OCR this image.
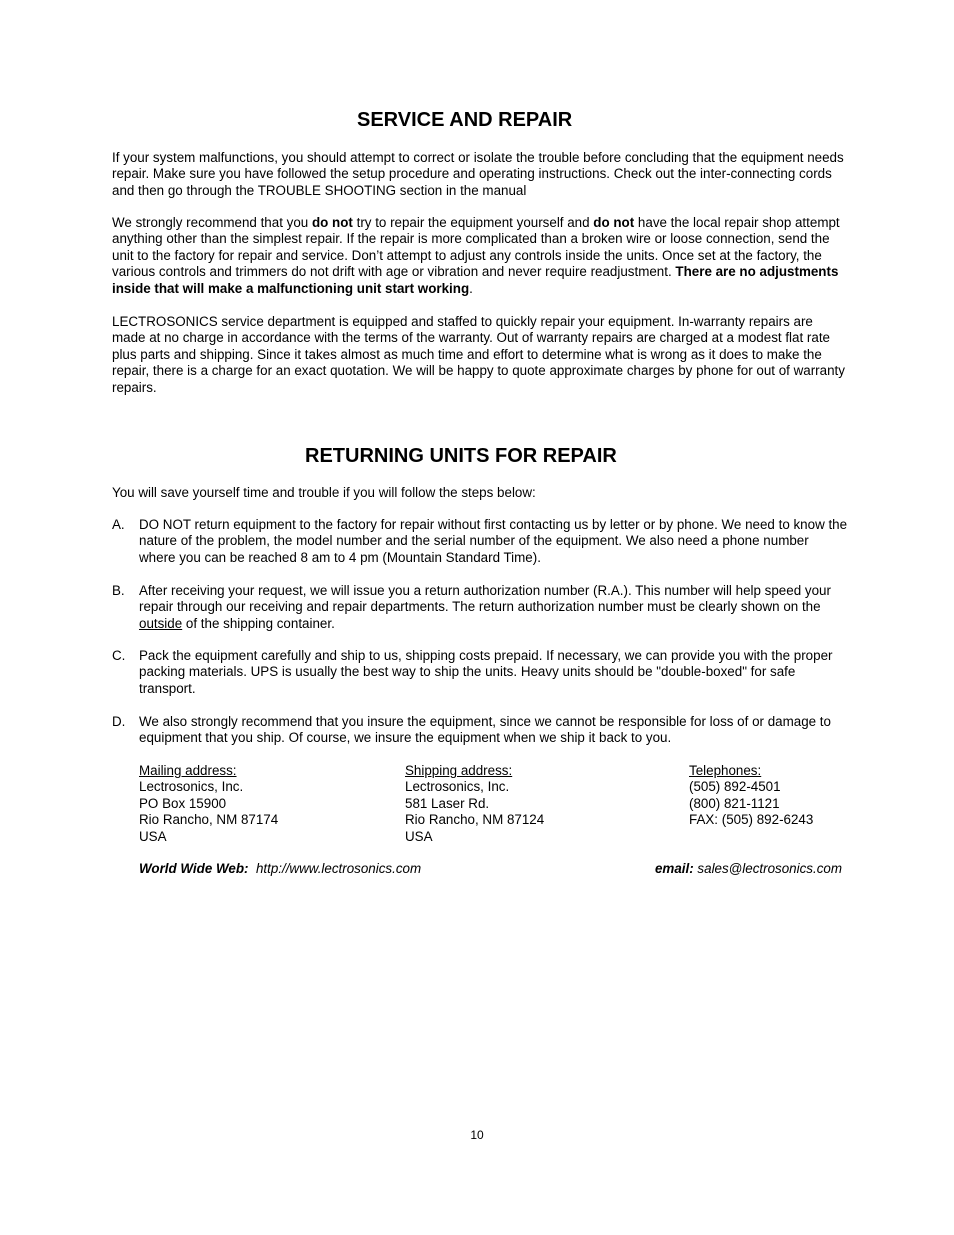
SERVICE AND REPAIR

If your system malfunctions, you should attempt to correct or isolate the trouble before concluding that the equipment needs repair. Make sure you have followed the setup procedure and operating instructions. Check out the inter-connecting cords and then go through the TROUBLE SHOOTING section in the manual

We strongly recommend that you do not try to repair the equipment yourself and do not have the local repair shop attempt anything other than the simplest repair. If the repair is more complicated than a broken wire or loose connection, send the unit to the factory for repair and service. Don’t attempt to adjust any controls inside the units. Once set at the factory, the various controls and trimmers do not drift with age or vibration and never require readjustment. There are no adjustments inside that will make a malfunctioning unit start working.

LECTROSONICS service department is equipped and staffed to quickly repair your equipment. In-warranty repairs are made at no charge in accordance with the terms of the warranty. Out of warranty repairs are charged at a modest flat rate plus parts and shipping. Since it takes almost as much time and effort to determine what is wrong as it does to make the repair, there is a charge for an exact quotation. We will be happy to quote approximate charges by phone for out of warranty repairs.

RETURNING UNITS FOR REPAIR

You will save yourself time and trouble if you will follow the steps below:

A. DO NOT return equipment to the factory for repair without first contacting us by letter or by phone. We need to know the nature of the problem, the model number and the serial number of the equipment. We also need a phone number where you can be reached 8 am to 4 pm (Mountain Standard Time).

B. After receiving your request, we will issue you a return authorization number (R.A.). This number will help speed your repair through our receiving and repair departments. The return authorization number must be clearly shown on the outside of the shipping container.

C. Pack the equipment carefully and ship to us, shipping costs prepaid. If necessary, we can provide you with the proper packing materials. UPS is usually the best way to ship the units. Heavy units should be "double-boxed" for safe transport.

D. We also strongly recommend that you insure the equipment, since we cannot be responsible for loss of or damage to equipment that you ship. Of course, we insure the equipment when we ship it back to you.

Mailing address:
Lectrosonics, Inc.
PO Box 15900
Rio Rancho, NM 87174
USA
Shipping address:
Lectrosonics, Inc.
581 Laser Rd.
Rio Rancho, NM 87124
USA
Telephones:
(505) 892-4501
(800) 821-1121
FAX: (505) 892-6243
World Wide Web: http://www.lectrosonics.com	email: sales@lectrosonics.com
10
